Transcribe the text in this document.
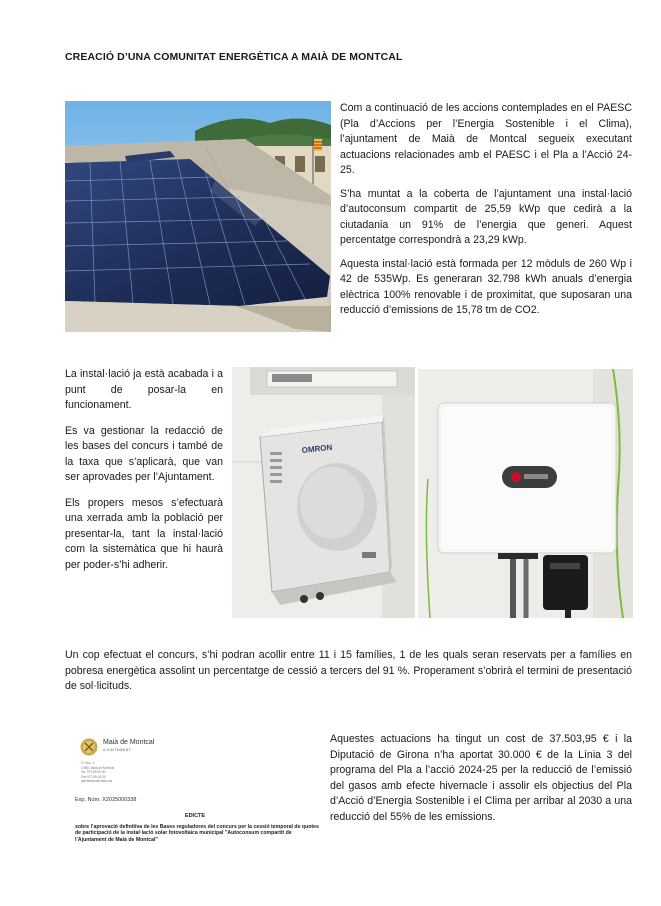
CREACIÓ D’UNA COMUNITAT ENERGÈTICA A MAIÀ DE MONTCAL

Com a continuació de les accions contemplades en el PAESC (Pla d’Accions per l’Energia Sostenible i el Clima), l’ajuntament de Maià de Montcal segueix executant actuacions relacionades amb el PAESC i el Pla a l’Acció 24-25.

S’ha muntat a la coberta de l’ajuntament una instal·lació d’autoconsum compartit de 25,59 kWp que cedirà a la ciutadania un 91% de l’energia que generi. Aquest percentatge correspondrà a 23,29 kWp.

Aquesta instal·lació està formada per 12 mòduls de 260 Wp i 42 de 535Wp. Es generaran 32.798 kWh anuals d’energia elèctrica 100% renovable i de proximitat, que suposaran una reducció d’emissions de 15,78 tm de CO2.

La instal·lació ja està acabada i a punt de posar-la en funcionament.

Es va gestionar la redacció de les bases del concurs i també de la taxa que s’aplicarà, que van ser aprovades per l’Ajuntament.

Els propers mesos s’efectuarà una xerrada amb la població per presentar-la, tant la instal·lació com la sistemàtica que hi haurà per poder-s’hi adherir.

OMRON

Un cop efectuat el concurs, s’hi podran acollir entre 11 i 15 famílies, 1 de les quals seran reservats per a famílies en pobresa energètica assolint un percentatge de cessió a tercers del 91 %. Properament s’obrirà el termini de presentació de sol·licituds.

Maià de Montcal
AJUNTAMENT
C/ Nou, 1
17851 Maià de Montcal
Tel. 972 59 00 00
Fax 972 59 00 00
ajuntament@maia.cat
Exp. Núm. X2025000338
EDICTE
sobre l’aprovació definitiva de les Bases reguladores del concurs per la cessió temporal de quotes de participació de la instal·lació solar fotovoltaica municipal "Autoconsum compartit de l’Ajuntament de Maià de Montcal"

Aquestes actuacions ha tingut un cost de 37.503,95 € i la Diputació de Girona n’ha aportat 30.000 € de la Línia 3 del programa del Pla a l’acció 2024-25 per la reducció de l’emissió del gasos amb efecte hivernacle i assolir els objectius del Pla d’Acció d’Energia Sostenible i el Clima per arribar al 2030 a una reducció del 55% de les emissions.
